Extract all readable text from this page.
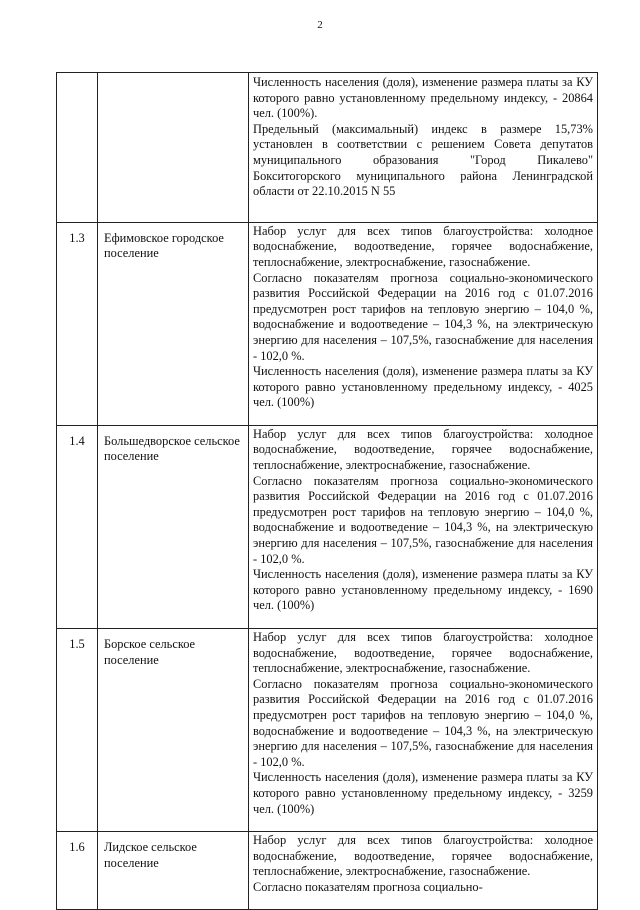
2

		Численность населения (доля), изменение размера платы за КУ которого равно установленному предельному индексу, - 20864 чел. (100%).

Предельный (максимальный) индекс в размере 15,73% установлен в соответствии с решением Совета депутатов муниципального образования "Город Пикалево" Бокситогорского муниципального района Ленинградской области от 22.10.2015 N 55

1.3	Ефимовское городское поселение	Набор услуг для всех типов благоустройства: холодное водоснабжение, водоотведение, горячее водоснабжение, теплоснабжение, электроснабжение, газоснабжение.

Согласно показателям прогноза социально-экономического развития Российской Федерации на 2016 год с 01.07.2016 предусмотрен рост тарифов на тепловую энергию – 104,0 %, водоснабжение и водоотведение – 104,3 %, на электрическую энергию для населения – 107,5%, газоснабжение для населения - 102,0 %.

Численность населения (доля), изменение размера платы за КУ которого равно установленному предельному индексу, - 4025 чел. (100%)

1.4	Большедворское сельское поселение	Набор услуг для всех типов благоустройства: холодное водоснабжение, водоотведение, горячее водоснабжение, теплоснабжение, электроснабжение, газоснабжение.

Согласно показателям прогноза социально-экономического развития Российской Федерации на 2016 год с 01.07.2016 предусмотрен рост тарифов на тепловую энергию – 104,0 %, водоснабжение и водоотведение – 104,3 %, на электрическую энергию для населения – 107,5%, газоснабжение для населения - 102,0 %.

Численность населения (доля), изменение размера платы за КУ которого равно установленному предельному индексу, - 1690 чел. (100%)

1.5	Борское сельское поселение	Набор услуг для всех типов благоустройства: холодное водоснабжение, водоотведение, горячее водоснабжение, теплоснабжение, электроснабжение, газоснабжение.

Согласно показателям прогноза социально-экономического развития Российской Федерации на 2016 год с 01.07.2016 предусмотрен рост тарифов на тепловую энергию – 104,0 %, водоснабжение и водоотведение – 104,3 %, на электрическую энергию для населения – 107,5%, газоснабжение для населения - 102,0 %.

Численность населения (доля), изменение размера платы за КУ которого равно установленному предельному индексу, - 3259 чел. (100%)

1.6	Лидское сельское поселение	Набор услуг для всех типов благоустройства: холодное водоснабжение, водоотведение, горячее водоснабжение, теплоснабжение, электроснабжение, газоснабжение.

Согласно показателям прогноза социально-
